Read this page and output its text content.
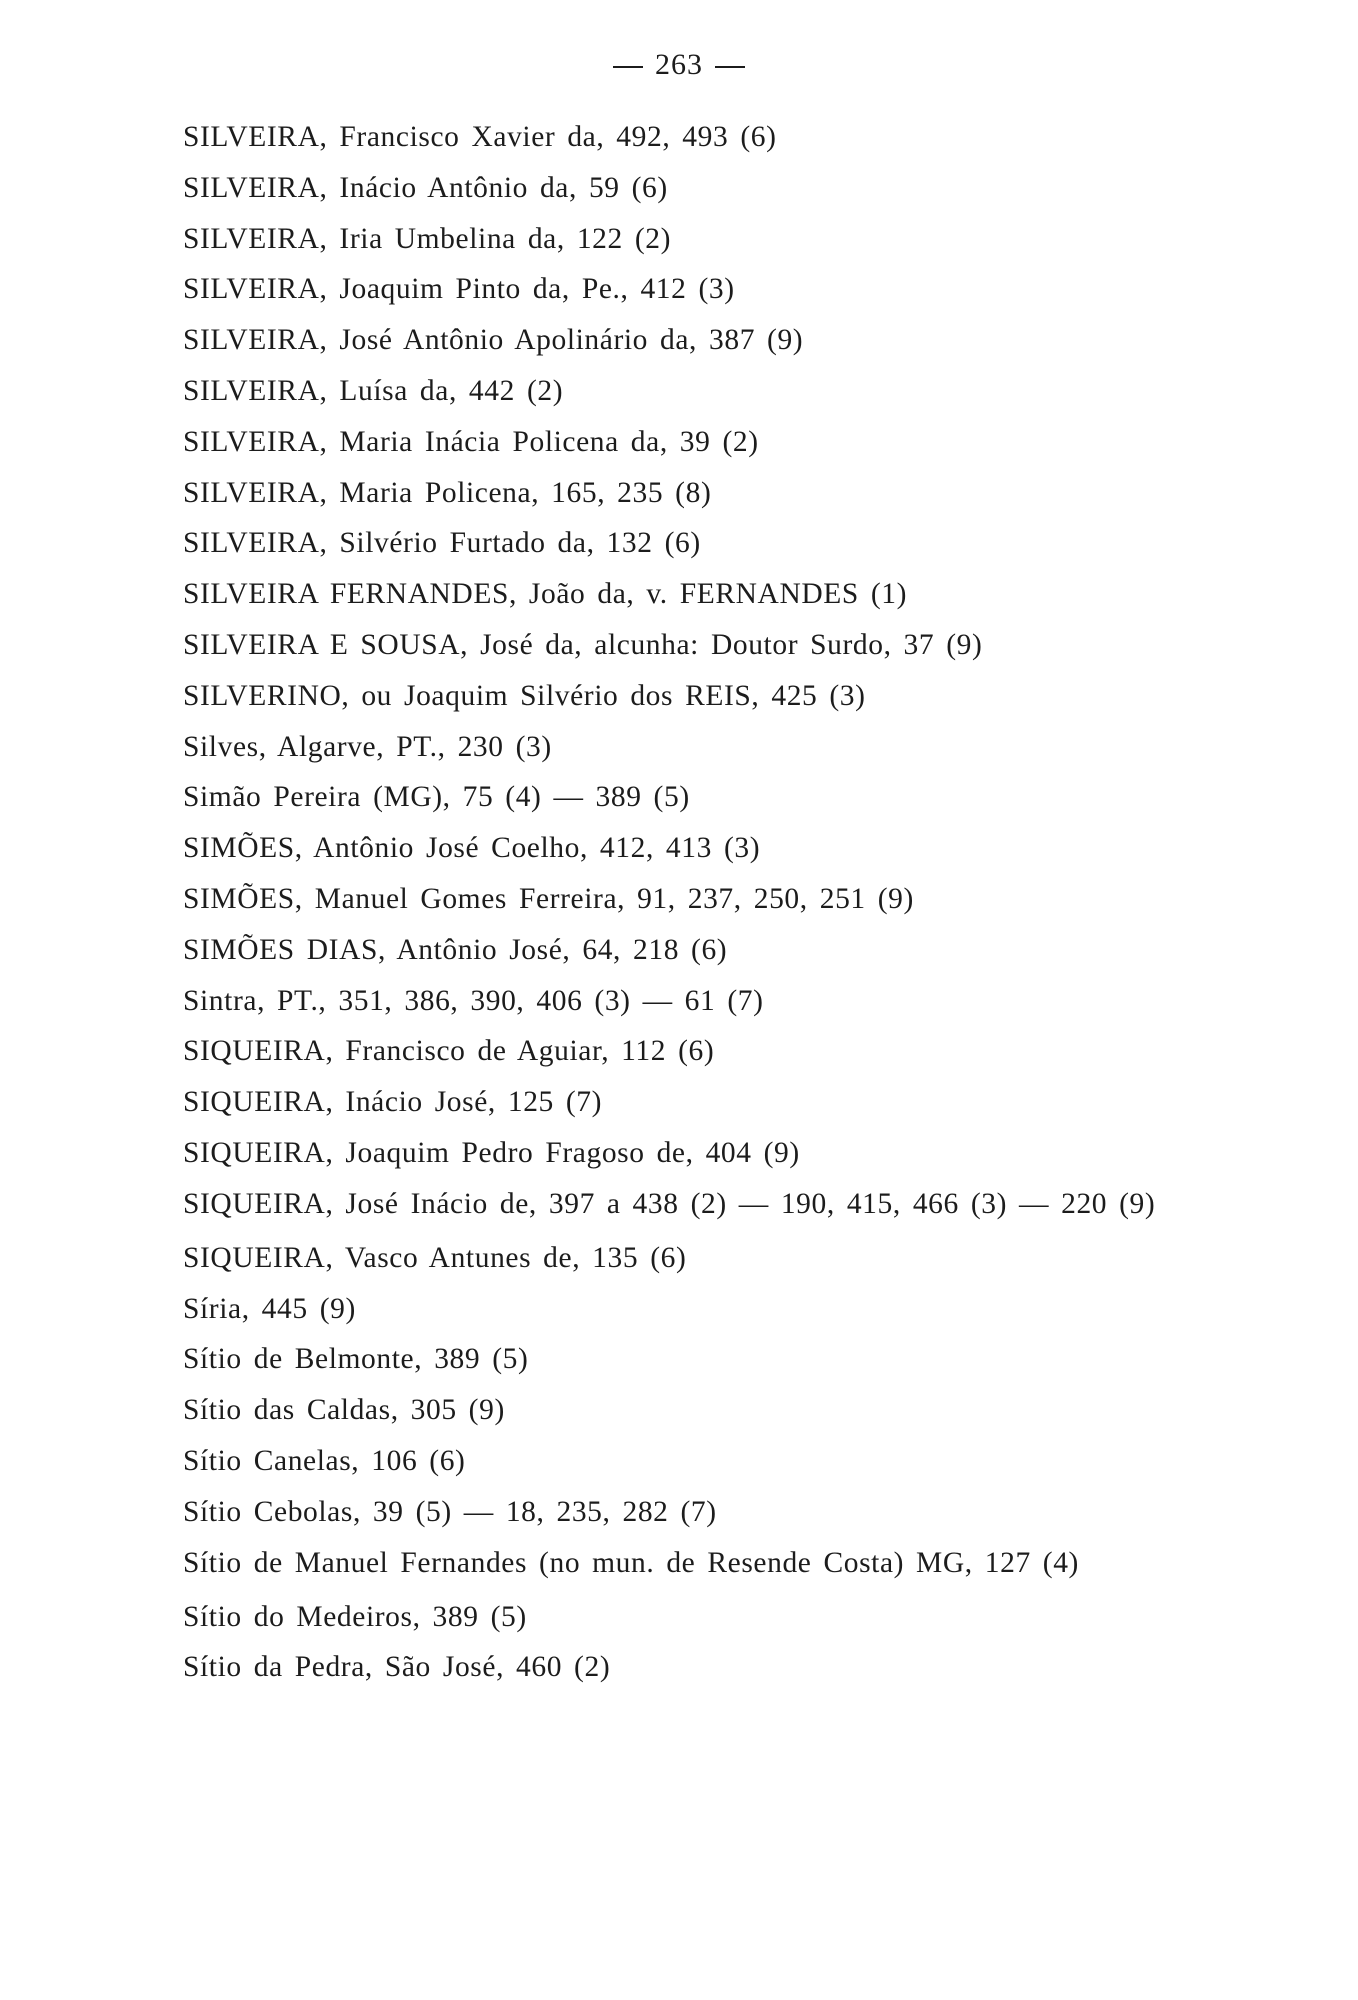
263
SILVEIRA, Francisco Xavier da, 492, 493 (6)
SILVEIRA, Inácio Antônio da, 59 (6)
SILVEIRA, Iria Umbelina da, 122 (2)
SILVEIRA, Joaquim Pinto da, Pe., 412 (3)
SILVEIRA, José Antônio Apolinário da, 387 (9)
SILVEIRA, Luísa da, 442 (2)
SILVEIRA, Maria Inácia Policena da, 39 (2)
SILVEIRA, Maria Policena, 165, 235 (8)
SILVEIRA, Silvério Furtado da, 132 (6)
SILVEIRA FERNANDES, João da, v. FERNANDES (1)
SILVEIRA E SOUSA, José da, alcunha: Doutor Surdo, 37 (9)
SILVERINO, ou Joaquim Silvério dos REIS, 425 (3)
Silves, Algarve, PT., 230 (3)
Simão Pereira (MG), 75 (4) — 389 (5)
SIMÕES, Antônio José Coelho, 412, 413 (3)
SIMÕES, Manuel Gomes Ferreira, 91, 237, 250, 251 (9)
SIMÕES DIAS, Antônio José, 64, 218 (6)
Sintra, PT., 351, 386, 390, 406 (3) — 61 (7)
SIQUEIRA, Francisco de Aguiar, 112 (6)
SIQUEIRA, Inácio José, 125 (7)
SIQUEIRA, Joaquim Pedro Fragoso de, 404 (9)
SIQUEIRA, José Inácio de, 397 a 438 (2) — 190, 415, 466 (3) — 220 (9)
SIQUEIRA, Vasco Antunes de, 135 (6)
Síria, 445 (9)
Sítio de Belmonte, 389 (5)
Sítio das Caldas, 305 (9)
Sítio Canelas, 106 (6)
Sítio Cebolas, 39 (5) — 18, 235, 282 (7)
Sítio de Manuel Fernandes (no mun. de Resende Costa) MG, 127 (4)
Sítio do Medeiros, 389 (5)
Sítio da Pedra, São José, 460 (2)
